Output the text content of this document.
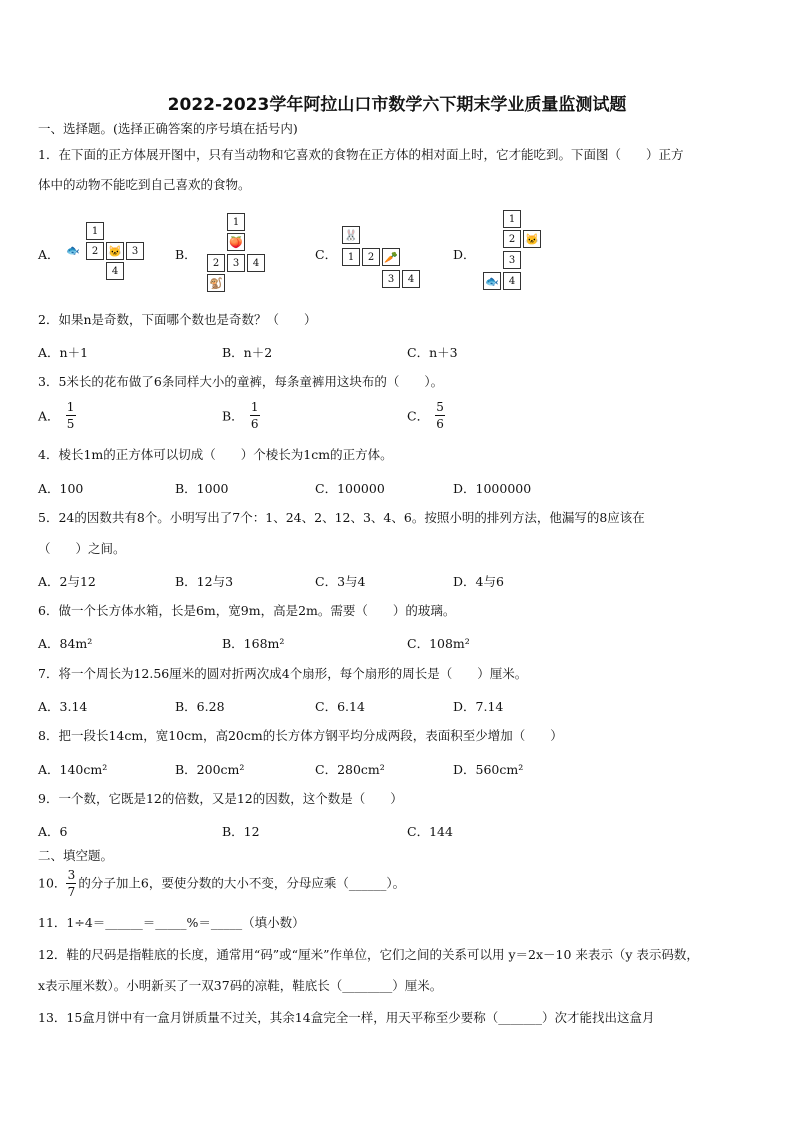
2022-2023学年阿拉山口市数学六下期末学业质量监测试题
一、选择题。(选择正确答案的序号填在括号内)
1．在下面的正方体展开图中，只有当动物和它喜欢的食物在正方体的相对面上时，它才能吃到。下面图（　　）正方
体中的动物不能吃到自己喜欢的食物。
A． 🐟
1
2 🐱 3
4
B．
1
🍑
2	3	4
🐒
C．
🐰
1	2 🥕
3	4
D．
1
2 🐱
3
🐟 4
2．如果n是奇数，下面哪个数也是奇数？（　　）
A．n＋1	B．n＋2	C．n＋3
3．5米长的花布做了6条同样大小的童裤，每条童裤用这块布的（　　）。
A． $\frac{1}{5}$	B． $\frac{1}{6}$	C． $\frac{5}{6}$
4．棱长1m的正方体可以切成（　　）个棱长为1cm的正方体。
A．100	B．1000	C．100000	D．1000000
5．24的因数共有8个。小明写出了7个：1、24、2、12、3、4、6。按照小明的排列方法，他漏写的8应该在
（　　）之间。
A．2与12	B．12与3	C．3与4	D．4与6
6．做一个长方体水箱，长是6m，宽9m，高是2m。需要（　　）的玻璃。
A．84m²	B．168m²	C．108m²
7．将一个周长为12.56厘米的圆对折两次成4个扇形，每个扇形的周长是（　　）厘米。
A．3.14	B．6.28	C．6.14	D．7.14
8．把一段长14cm，宽10cm，高20cm的长方体方钢平均分成两段，表面积至少增加（　　）
A．140cm²	B．200cm²	C．280cm²	D．560cm²
9．一个数，它既是12的倍数，又是12的因数，这个数是（　　）
A．6	B．12	C．144
二、填空题。
10． $\frac{3}{7}$ 的分子加上6，要使分数的大小不变，分母应乘（______）。
11．1÷4＝______＝_____%＝_____（填小数）
12．鞋的尺码是指鞋底的长度，通常用“码”或“厘米”作单位，它们之间的关系可以用 y＝2x－10 来表示（y 表示码数，
x表示厘米数）。小明新买了一双37码的凉鞋，鞋底长（________）厘米。
13．15盒月饼中有一盒月饼质量不过关，其余14盒完全一样，用天平称至少要称（_______）次才能找出这盒月
